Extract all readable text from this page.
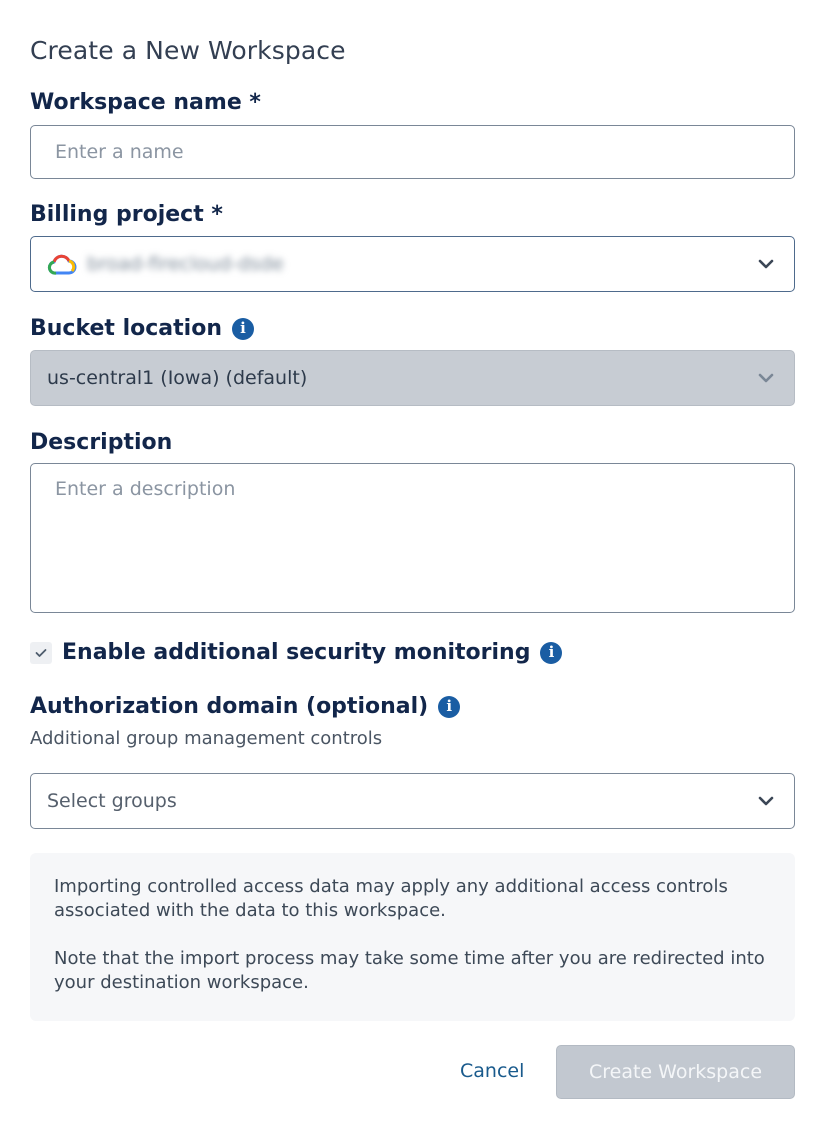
Create a New Workspace
Workspace name *
Enter a name
Billing project *
broad-firecloud-dsde
Bucket location	i
us-central1 (Iowa) (default)
Description
Enter a description
Enable additional security monitoring	i
Authorization domain (optional)	i
Additional group management controls
Select groups

Importing controlled access data may apply any additional access controls associated with the data to this workspace.

Note that the import process may take some time after you are redirected into your destination workspace.

Cancel	Create Workspace
